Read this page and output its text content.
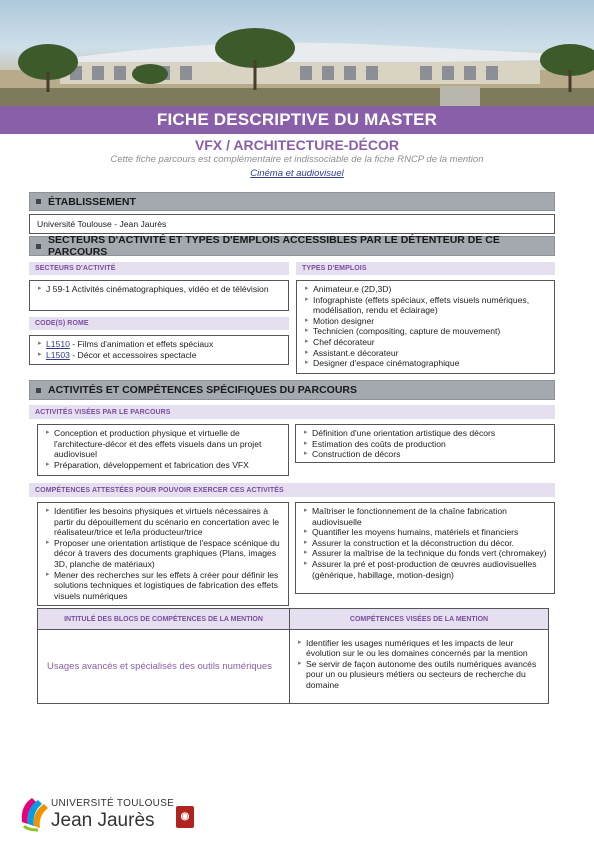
FICHE DESCRIPTIVE DU MASTER
VFX / ARCHITECTURE-DÉCOR
Cette fiche parcours est complémentaire et indissociable de la fiche RNCP de la mention
Cinéma et audiovisuel
ÉTABLISSEMENT
Université Toulouse - Jean Jaurès
SECTEURS D'ACTIVITÉ ET TYPES D'EMPLOIS ACCESSIBLES PAR LE DÉTENTEUR DE CE PARCOURS
SECTEURS D'ACTIVITÉ
▸ J 59-1 Activités cinématographiques, vidéo et de télévision
CODE(S) ROME
▸ L1510 - Films d'animation et effets spéciaux
▸ L1503 - Décor et accessoires spectacle
TYPES D'EMPLOIS
▸ Animateur.e (2D,3D)
▸ Infographiste (effets spéciaux, effets visuels numériques, modélisation, rendu et éclairage)
▸ Motion designer
▸ Technicien (compositing, capture de mouvement)
▸ Chef décorateur
▸ Assistant.e décorateur
▸ Designer d'espace cinématographique
ACTIVITÉS ET COMPÉTENCES SPÉCIFIQUES DU PARCOURS
ACTIVITÉS VISÉES PAR LE PARCOURS
▸ Conception et production physique et virtuelle de l'architecture-décor et des effets visuels dans un projet audiovisuel
▸ Préparation, développement et fabrication des VFX
▸ Définition d'une orientation artistique des décors
▸ Estimation des coûts de production
▸ Construction de décors
COMPÉTENCES ATTESTÉES POUR POUVOIR EXERCER CES ACTIVITÉS
▸ Identifier les besoins physiques et virtuels nécessaires à partir du dépouillement du scénario en concertation avec le réalisateur/trice et le/la producteur/trice
▸ Proposer une orientation artistique de l'espace scénique du décor à travers des documents graphiques (Plans, images 3D, planche de matériaux)
▸ Mener des recherches sur les effets à créer pour définir les solutions techniques et logistiques de fabrication des effets visuels numériques
▸ Maîtriser le fonctionnement de la chaîne fabrication audiovisuelle
▸ Quantifier les moyens humains, matériels et financiers
▸ Assurer la construction et la déconstruction du décor.
▸ Assurer la maîtrise de la technique du fonds vert (chromakey)
▸ Assurer la pré et post-production de œuvres audiovisuelles (générique, habillage, motion-design)
INTITULÉ DES BLOCS DE COMPÉTENCES DE LA MENTION	COMPÉTENCES VISÉES DE LA MENTION
Usages avancés et spécialisés des outils numériques
▸ Identifier les usages numériques et les impacts de leur évolution sur le ou les domaines concernés par la mention
▸ Se servir de façon autonome des outils numériques avancés pour un ou plusieurs métiers ou secteurs de recherche du domaine
UNIVERSITÉ TOULOUSE
Jean Jaurès	◉
